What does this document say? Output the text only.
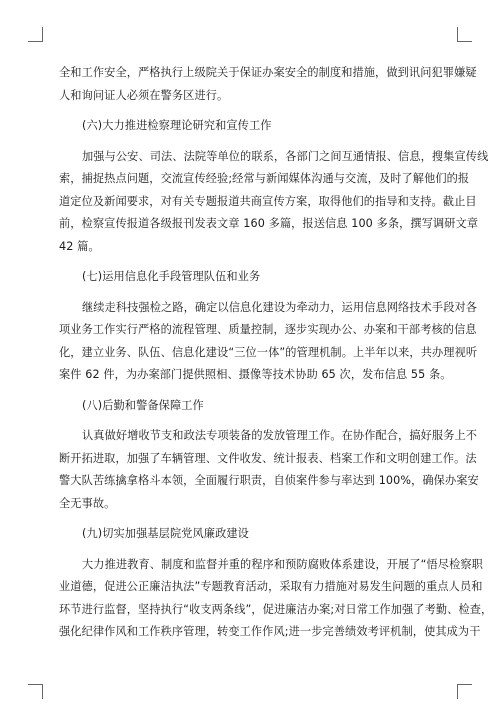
全和工作安全，严格执行上级院关于保证办案安全的制度和措施，做到讯问犯罪嫌疑
人和询问证人必须在警务区进行。
(六)大力推进检察理论研究和宣传工作
加强与公安、司法、法院等单位的联系，各部门之间互通情报、信息，搜集宣传线
索，捕捉热点问题，交流宣传经验;经常与新闻媒体沟通与交流，及时了解他们的报
道定位及新闻要求，对有关专题报道共商宣传方案，取得他们的指导和支持。截止目
前，检察宣传报道各级报刊发表文章 160 多篇，报送信息 100 多条，撰写调研文章
42 篇。
(七)运用信息化手段管理队伍和业务
继续走科技强检之路，确定以信息化建设为牵动力，运用信息网络技术手段对各
项业务工作实行严格的流程管理、质量控制，逐步实现办公、办案和干部考核的信息
化，建立业务、队伍、信息化建设“三位一体”的管理机制。上半年以来，共办理视听
案件 62 件，为办案部门提供照相、摄像等技术协助 65 次，发布信息 55 条。
(八)后勤和警备保障工作
认真做好增收节支和政法专项装备的发放管理工作。在协作配合，搞好服务上不
断开拓进取，加强了车辆管理、文件收发、统计报表、档案工作和文明创建工作。法
警大队苦练擒拿格斗本领，全面履行职责，自侦案件参与率达到 100%，确保办案安
全无事故。
(九)切实加强基层院党风廉政建设
大力推进教育、制度和监督并重的程序和预防腐败体系建设，开展了“悟尽检察职
业道德，促进公正廉洁执法”专题教育活动，采取有力措施对易发生问题的重点人员和
环节进行监督，坚持执行“收支两条线”，促进廉洁办案;对日常工作加强了考勤、检查，
强化纪律作风和工作秩序管理，转变工作作风;进一步完善绩效考评机制，使其成为干
